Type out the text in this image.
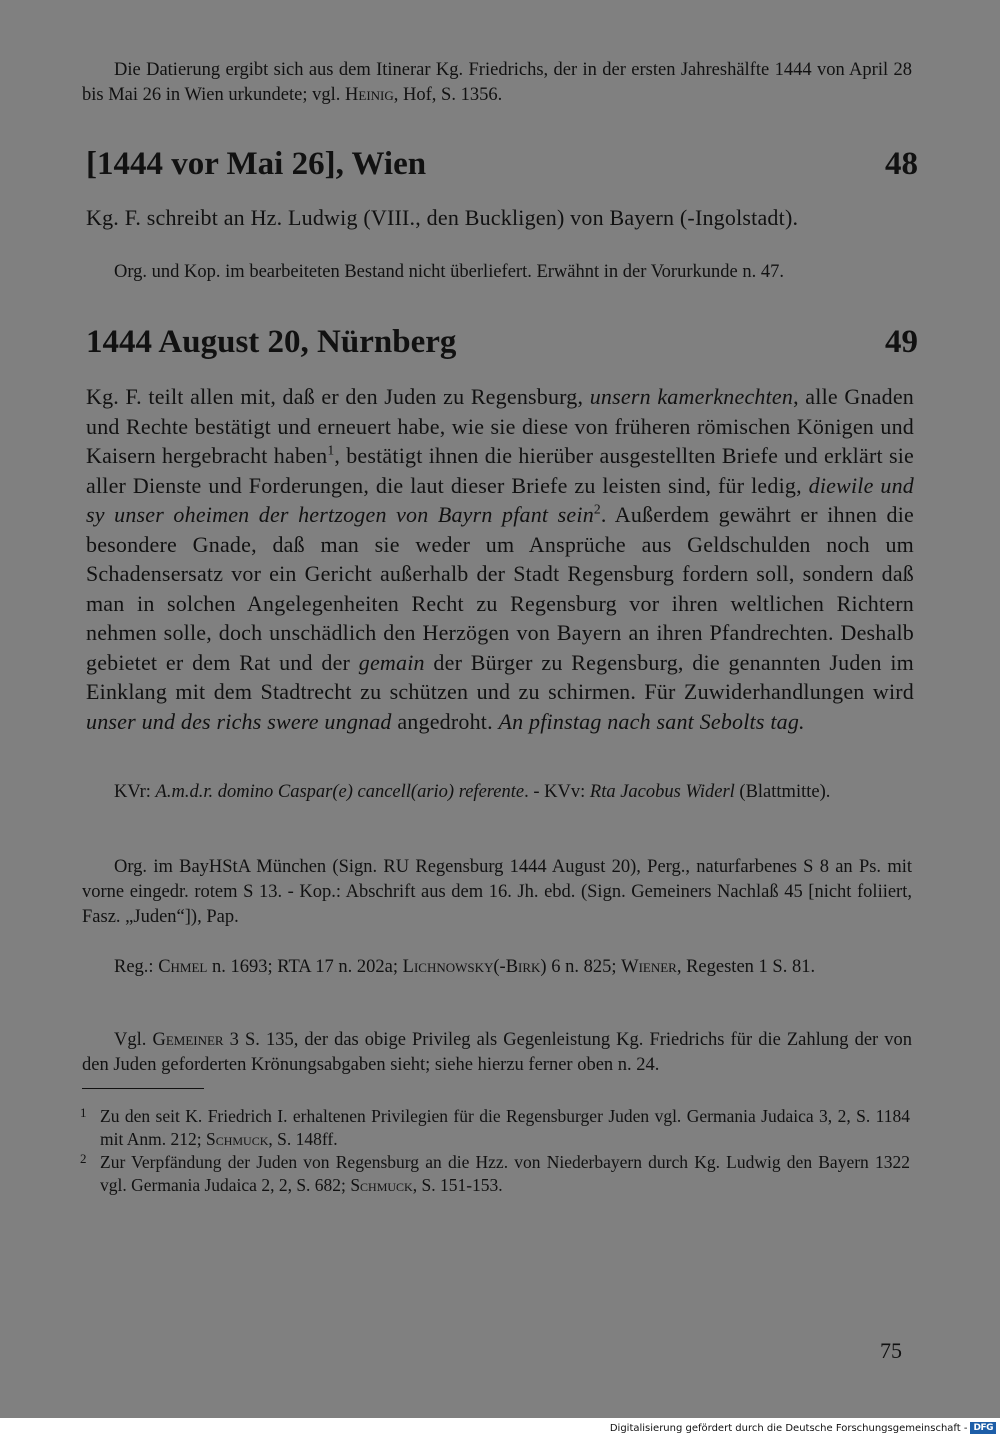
Die Datierung ergibt sich aus dem Itinerar Kg. Friedrichs, der in der ersten Jahreshälfte 1444 von April 28 bis Mai 26 in Wien urkundete; vgl. Heinig, Hof, S. 1356.

[1444 vor Mai 26], Wien	48

Kg. F. schreibt an Hz. Ludwig (VIII., den Buckligen) von Bayern (-Ingolstadt).

Org. und Kop. im bearbeiteten Bestand nicht überliefert. Erwähnt in der Vorurkunde n. 47.

1444 August 20, Nürnberg	49

Kg. F. teilt allen mit, daß er den Juden zu Regensburg, unsern kamerknechten, alle Gnaden und Rechte bestätigt und erneuert habe, wie sie diese von früheren römischen Königen und Kaisern hergebracht haben$^1$, bestätigt ihnen die hierüber ausgestellten Briefe und erklärt sie aller Dienste und Forderungen, die laut dieser Briefe zu leisten sind, für ledig, diewile und sy unser oheimen der hertzogen von Bayrn pfant sein$^2$. Außerdem gewährt er ihnen die besondere Gnade, daß man sie weder um Ansprüche aus Geldschulden noch um Schadensersatz vor ein Gericht außerhalb der Stadt Regensburg fordern soll, sondern daß man in solchen Angelegenheiten Recht zu Regensburg vor ihren weltlichen Richtern nehmen solle, doch unschädlich den Herzögen von Bayern an ihren Pfandrechten. Deshalb gebietet er dem Rat und der gemain der Bürger zu Regensburg, die genannten Juden im Einklang mit dem Stadtrecht zu schützen und zu schirmen. Für Zuwiderhandlungen wird unser und des richs swere ungnad angedroht. An pfinstag nach sant Sebolts tag.

KVr: A.m.d.r. domino Caspar(e) cancell(ario) referente. - KVv: Rta Jacobus Widerl (Blattmitte).

Org. im BayHStA München (Sign. RU Regensburg 1444 August 20), Perg., naturfarbenes S 8 an Ps. mit vorne eingedr. rotem S 13. - Kop.: Abschrift aus dem 16. Jh. ebd. (Sign. Gemeiners Nachlaß 45 [nicht foliiert, Fasz. „Juden“]), Pap.

Reg.: Chmel n. 1693; RTA 17 n. 202a; Lichnowsky(-Birk) 6 n. 825; Wiener, Regesten 1 S. 81.

Vgl. Gemeiner 3 S. 135, der das obige Privileg als Gegenleistung Kg. Friedrichs für die Zahlung der von den Juden geforderten Krönungsabgaben sieht; siehe hierzu ferner oben n. 24.

1 Zu den seit K. Friedrich I. erhaltenen Privilegien für die Regensburger Juden vgl. Germania Judaica 3, 2, S. 1184 mit Anm. 212; Schmuck, S. 148ff.
2 Zur Verpfändung der Juden von Regensburg an die Hzz. von Niederbayern durch Kg. Ludwig den Bayern 1322 vgl. Germania Judaica 2, 2, S. 682; Schmuck, S. 151-153.
75
Digitalisierung gefördert durch die Deutsche Forschungsgemeinschaft - DFG
